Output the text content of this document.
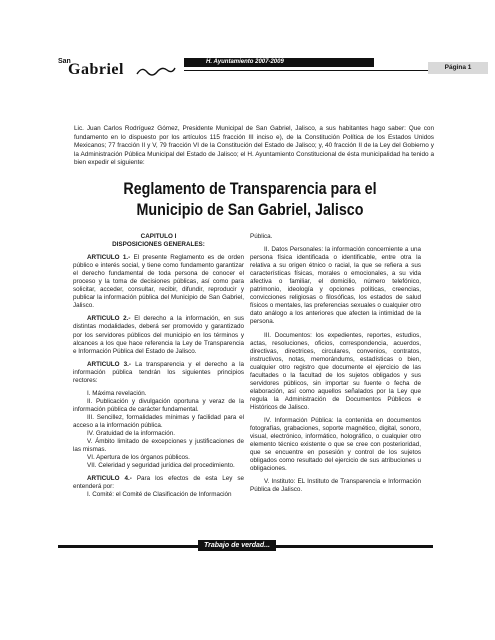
San
Gabriel	H. Ayuntamiento 2007-2009
Página 1

Lic. Juan Carlos Rodríguez Gómez, Presidente Municipal de San Gabriel, Jalisco, a sus habitantes hago saber: Que con fundamento en lo dispuesto por los artículos 115 fracción III inciso e), de la Constitución Política de los Estados Unidos Mexicanos; 77 fracción II y V, 79 fracción VI de la Constitución del Estado de Jalisco; y, 40 fracción II de la Ley del Gobierno y la Administración Pública Municipal del Estado de Jalisco; el H. Ayuntamiento Constitucional de ésta municipalidad ha tenido a bien expedir el siguiente:

Reglamento de Transparencia para el
Municipio de San Gabriel, Jalisco

CAPITULO I

DISPOSICIONES GENERALES:

ARTICULO 1.- El presente Reglamento es de orden público e interés social, y tiene como fundamento garantizar el derecho fundamental de toda persona de conocer el proceso y la toma de decisiones públicas, así como para solicitar, acceder, consultar, recibir, difundir, reproducir y publicar la información pública del Municipio de San Gabriel, Jalisco.

ARTICULO 2.- El derecho a la información, en sus distintas modalidades, deberá ser promovido y garantizado por los servidores públicos del municipio en los términos y alcances a los que hace referencia la Ley de Transparencia e Información Pública del Estado de Jalisco.

ARTICULO 3.- La transparencia y el derecho a la información pública tendrán los siguientes principios rectores:

I. Máxima revelación.

II. Publicación y divulgación oportuna y veraz de la información pública de carácter fundamental.

III. Sencillez, formalidades mínimas y facilidad para el acceso a la información pública.

IV. Gratuidad de la información.

V. Ámbito limitado de excepciones y justificaciones de las mismas.

VI. Apertura de los órganos públicos.

VII. Celeridad y seguridad jurídica del procedimiento.

ARTICULO 4.- Para los efectos de esta Ley se entenderá por:

I. Comité: el Comité de Clasificación de Información

Pública.

II. Datos Personales: la información concerniente a una persona física identificada o identificable, entre otra la relativa a su origen étnico o racial, la que se refiera a sus características físicas, morales o emocionales, a su vida afectiva o familiar, el domicilio, número telefónico, patrimonio, ideología y opciones políticas, creencias, convicciones religiosas o filosóficas, los estados de salud físicos o mentales, las preferencias sexuales o cualquier otro dato análogo a los anteriores que afecten la intimidad de la persona.

III. Documentos: los expedientes, reportes, estudios, actas, resoluciones, oficios, correspondencia, acuerdos, directivas, directrices, circulares, convenios, contratos, instructivos, notas, memorándums, estadísticas o bien, cualquier otro registro que documente el ejercicio de las facultades o la facultad de los sujetos obligados y sus servidores públicos, sin importar su fuente o fecha de elaboración, así como aquellos señalados por la Ley que regula la Administración de Documentos Públicos e Históricos de Jalisco.

IV. Información Pública: la contenida en documentos fotografías, grabaciones, soporte magnético, digital, sonoro, visual, electrónico, informático, holográfico, o cualquier otro elemento técnico existente o que se cree con posterioridad, que se encuentre en posesión y control de los sujetos obligados como resultado del ejercicio de sus atribuciones u obligaciones.

V. Instituto: EL Instituto de Transparencia e Información Pública de Jalisco.

Trabajo de verdad...
